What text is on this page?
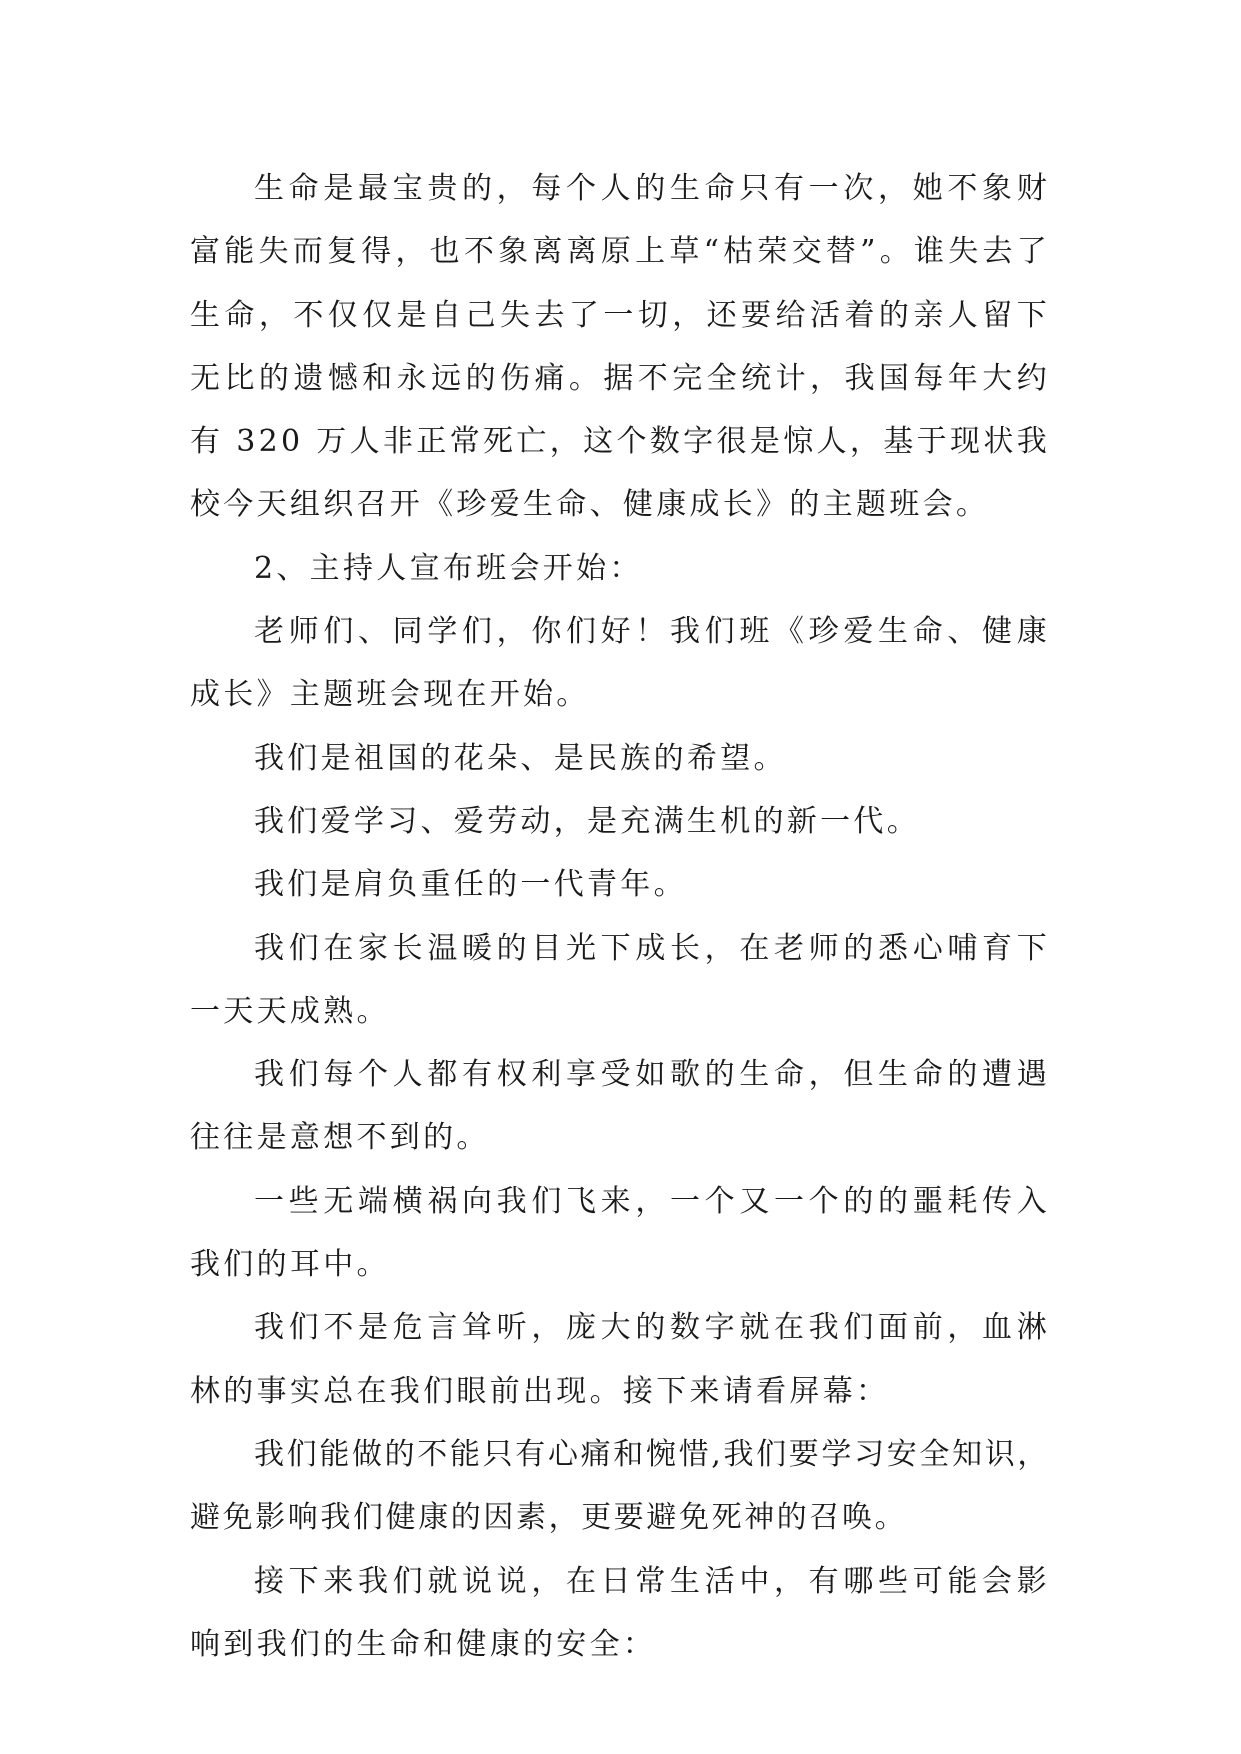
生命是最宝贵的，每个人的生命只有一次，她不象财富能失而复得，也不象离离原上草“枯荣交替”。谁失去了生命，不仅仅是自己失去了一切，还要给活着的亲人留下无比的遗憾和永远的伤痛。据不完全统计，我国每年大约有 320 万人非正常死亡，这个数字很是惊人，基于现状我校今天组织召开《珍爱生命、健康成长》的主题班会。

2、主持人宣布班会开始：

老师们、同学们，你们好！我们班《珍爱生命、健康成长》主题班会现在开始。

我们是祖国的花朵、是民族的希望。

我们爱学习、爱劳动，是充满生机的新一代。

我们是肩负重任的一代青年。

我们在家长温暖的目光下成长，在老师的悉心哺育下一天天成熟。

我们每个人都有权利享受如歌的生命，但生命的遭遇往往是意想不到的。

一些无端横祸向我们飞来，一个又一个的的噩耗传入我们的耳中。

我们不是危言耸听，庞大的数字就在我们面前，血淋林的事实总在我们眼前出现。接下来请看屏幕：

我们能做的不能只有心痛和惋惜,我们要学习安全知识，避免影响我们健康的因素，更要避免死神的召唤。

接下来我们就说说，在日常生活中，有哪些可能会影响到我们的生命和健康的安全：
